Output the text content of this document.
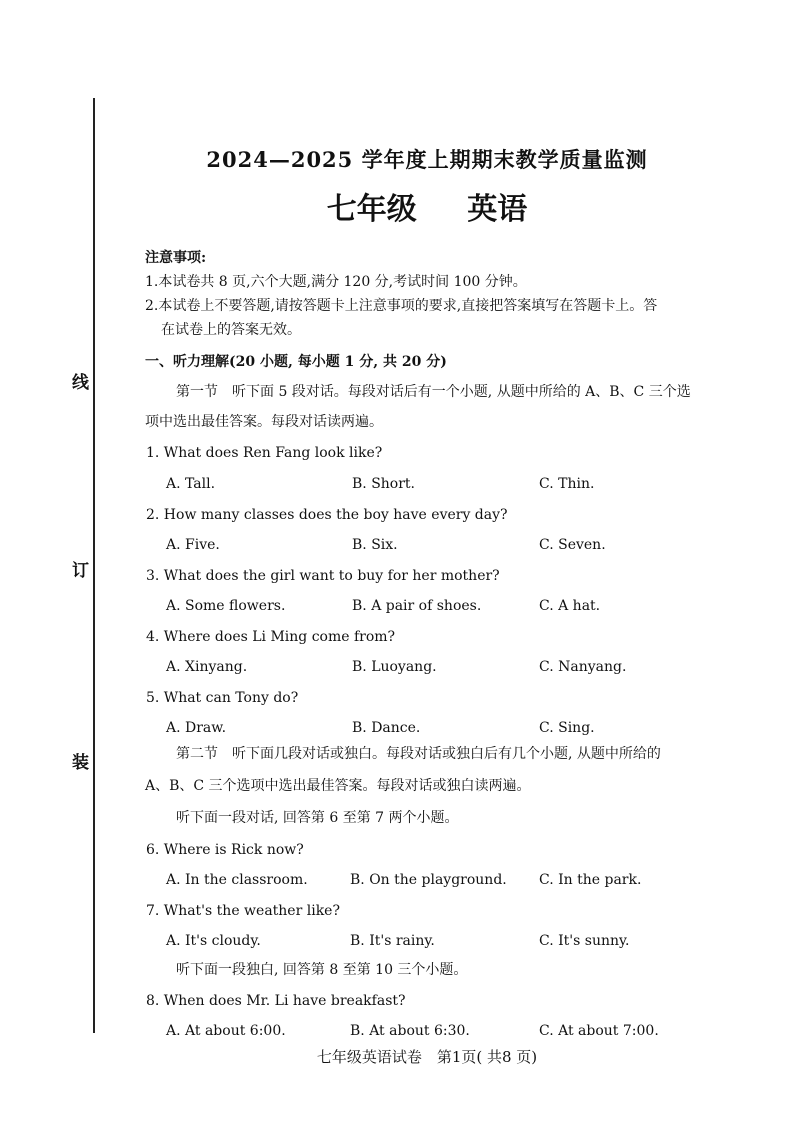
线
订
装
2024—2025 学年度上期期末教学质量监测
七年级 英语
注意事项:
1.本试卷共 8 页,六个大题,满分 120 分,考试时间 100 分钟。
2.本试卷上不要答题,请按答题卡上注意事项的要求,直接把答案填写在答题卡上。答
在试卷上的答案无效。
一、听力理解(20 小题, 每小题 1 分, 共 20 分)
第一节　听下面 5 段对话。每段对话后有一个小题, 从题中所给的 A、B、C 三个选
项中选出最佳答案。每段对话读两遍。
1. What does Ren Fang look like?
A. Tall.	B. Short.	C. Thin.
2. How many classes does the boy have every day?
A. Five.	B. Six.	C. Seven.
3. What does the girl want to buy for her mother?
A. Some flowers.	B. A pair of shoes.	C. A hat.
4. Where does Li Ming come from?
A. Xinyang.	B. Luoyang.	C. Nanyang.
5. What can Tony do?
A. Draw.	B. Dance.	C. Sing.
第二节　听下面几段对话或独白。每段对话或独白后有几个小题, 从题中所给的
A、B、C 三个选项中选出最佳答案。每段对话或独白读两遍。
听下面一段对话, 回答第 6 至第 7 两个小题。
6. Where is Rick now?
A. In the classroom.	B. On the playground. C. In the park.
7. What's the weather like?
A. It's cloudy.	B. It's rainy.	C. It's sunny.
听下面一段独白, 回答第 8 至第 10 三个小题。
8. When does Mr. Li have breakfast?
A. At about 6:00.	B. At about 6:30.	C. At about 7:00.
七年级英语试卷　第1页( 共8 页)
